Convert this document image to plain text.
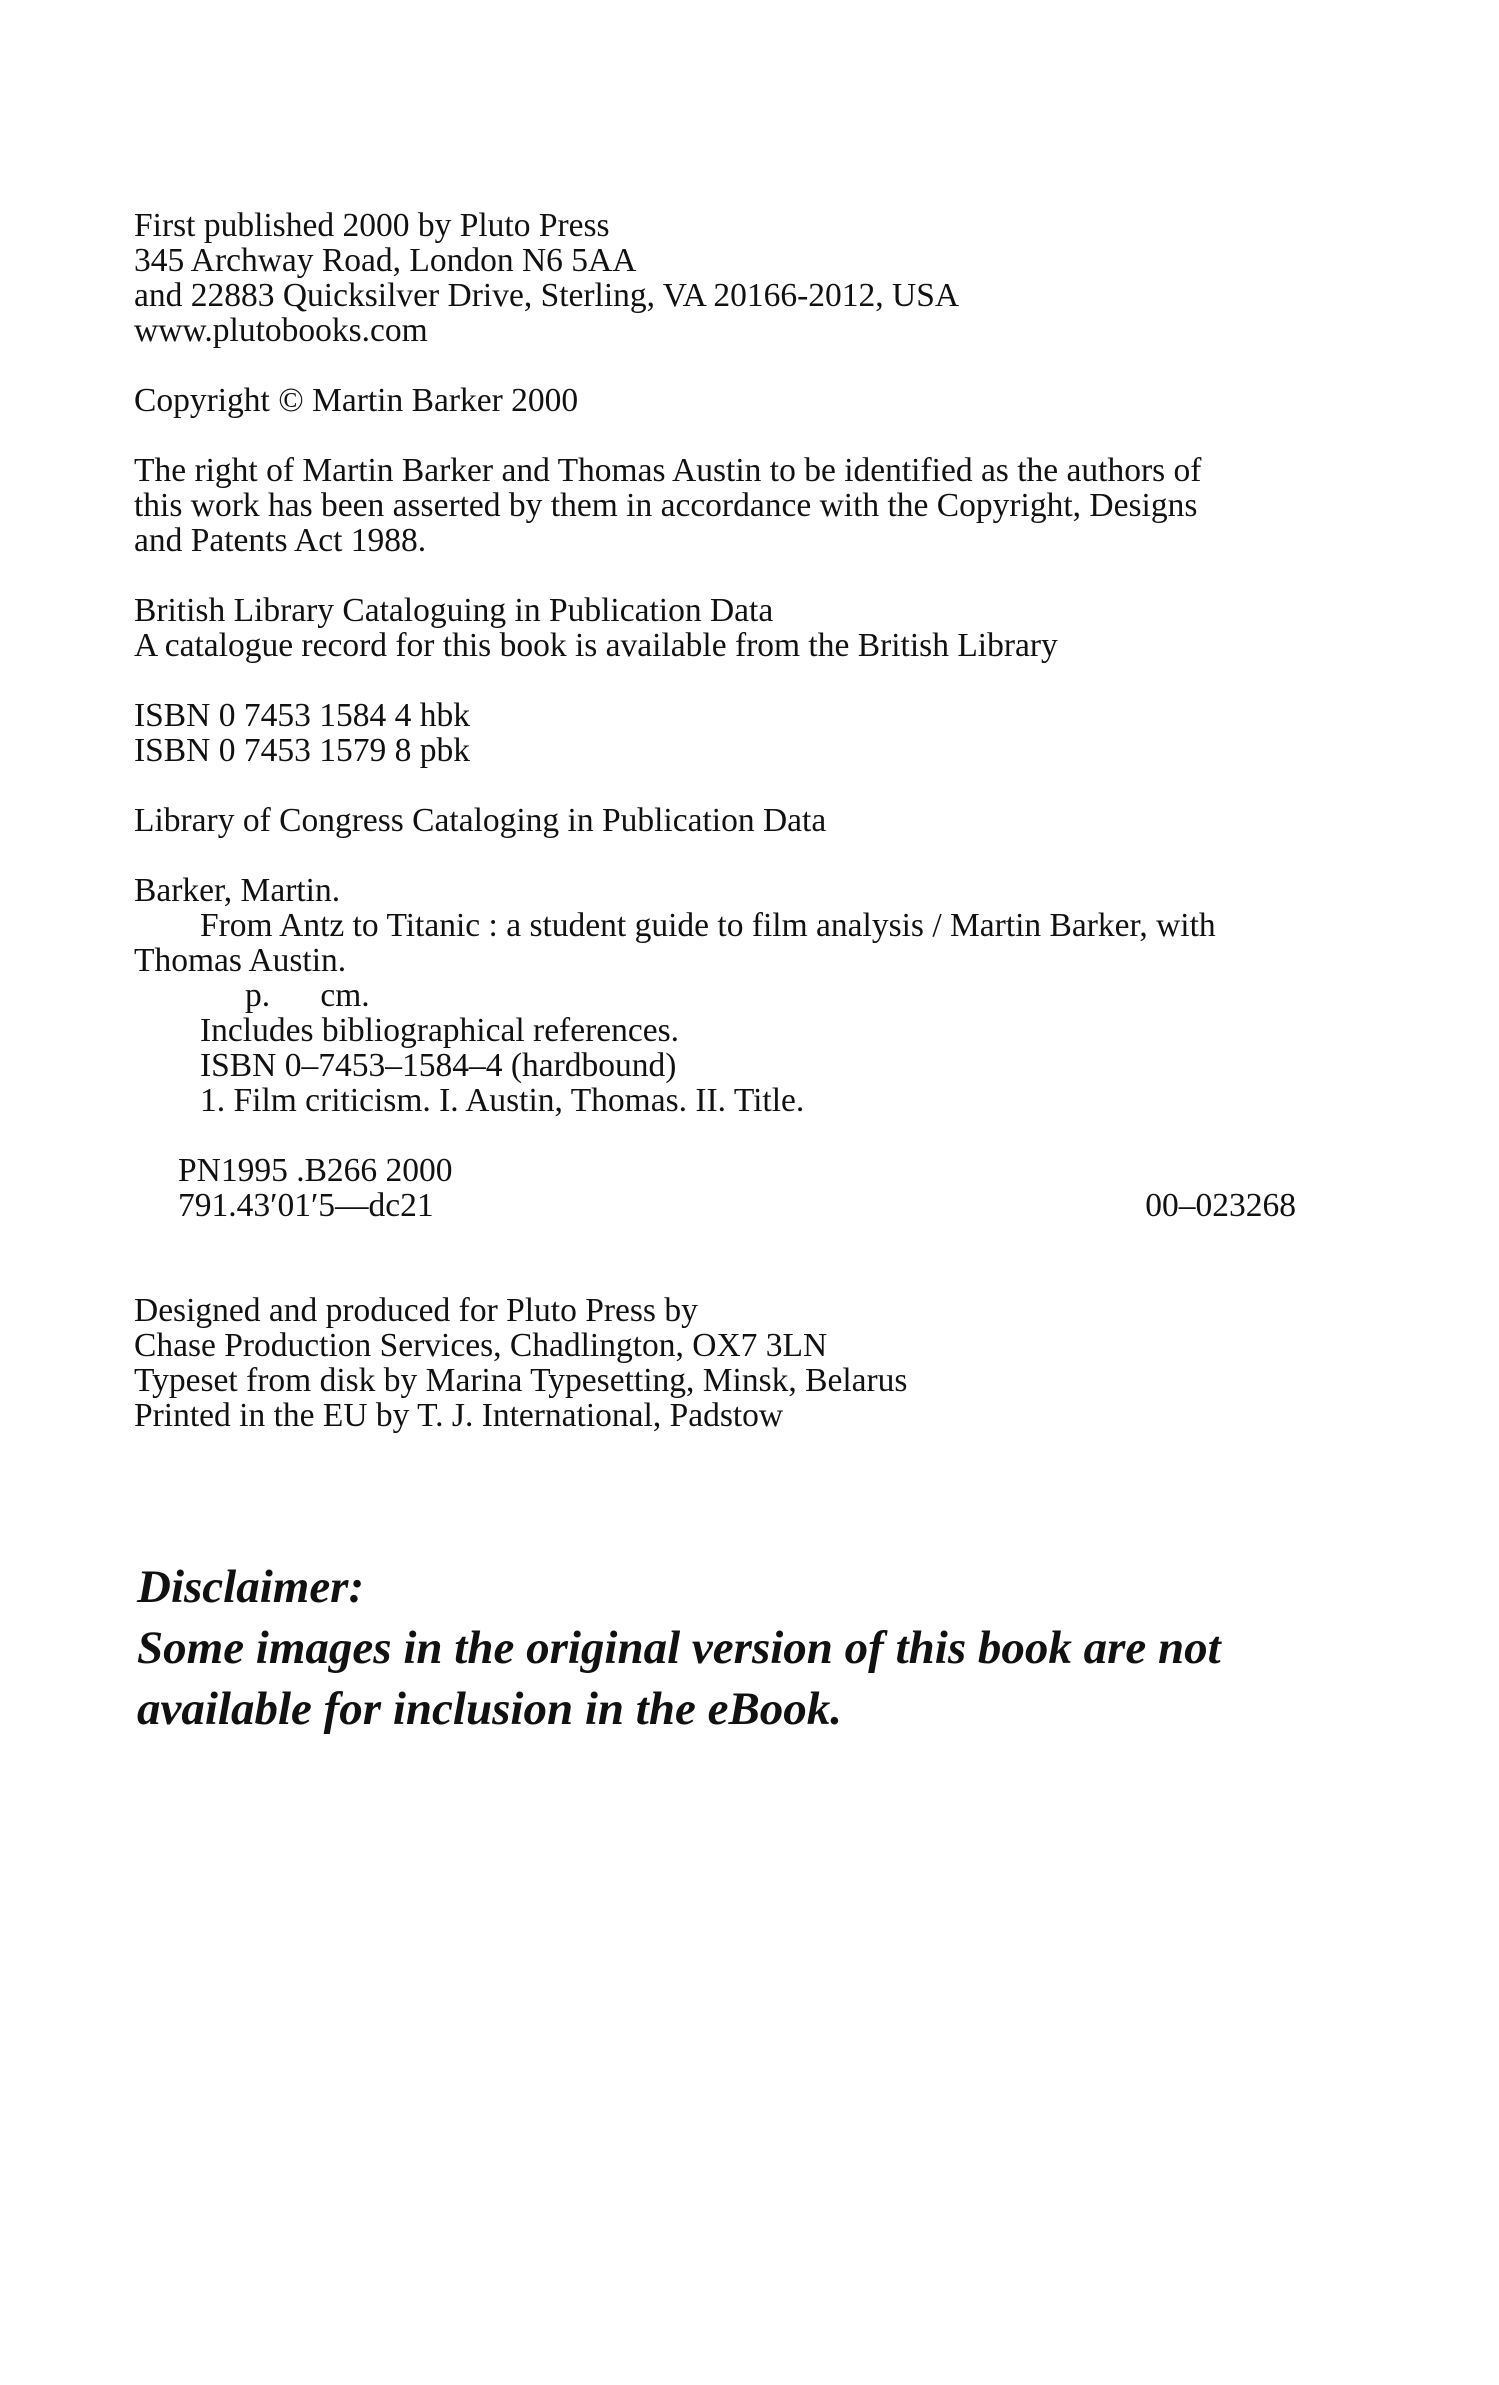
First published 2000 by Pluto Press

345 Archway Road, London N6 5AA

and 22883 Quicksilver Drive, Sterling, VA 20166-2012, USA

www.plutobooks.com

Copyright © Martin Barker 2000

The right of Martin Barker and Thomas Austin to be identified as the authors of

this work has been asserted by them in accordance with the Copyright, Designs

and Patents Act 1988.

British Library Cataloguing in Publication Data

A catalogue record for this book is available from the British Library

ISBN 0 7453 1584 4 hbk

ISBN 0 7453 1579 8 pbk

Library of Congress Cataloging in Publication Data

Barker, Martin.

From Antz to Titanic : a student guide to film analysis / Martin Barker, with

Thomas Austin.

p.      cm.

Includes bibliographical references.

ISBN 0–7453–1584–4 (hardbound)

1. Film criticism. I. Austin, Thomas. II. Title.

PN1995 .B266 2000

791.43′01′5—dc21	00–023268

Designed and produced for Pluto Press by

Chase Production Services, Chadlington, OX7 3LN

Typeset from disk by Marina Typesetting, Minsk, Belarus

Printed in the EU by T. J. International, Padstow

Disclaimer:
Some images in the original version of this book are not
available for inclusion in the eBook.
